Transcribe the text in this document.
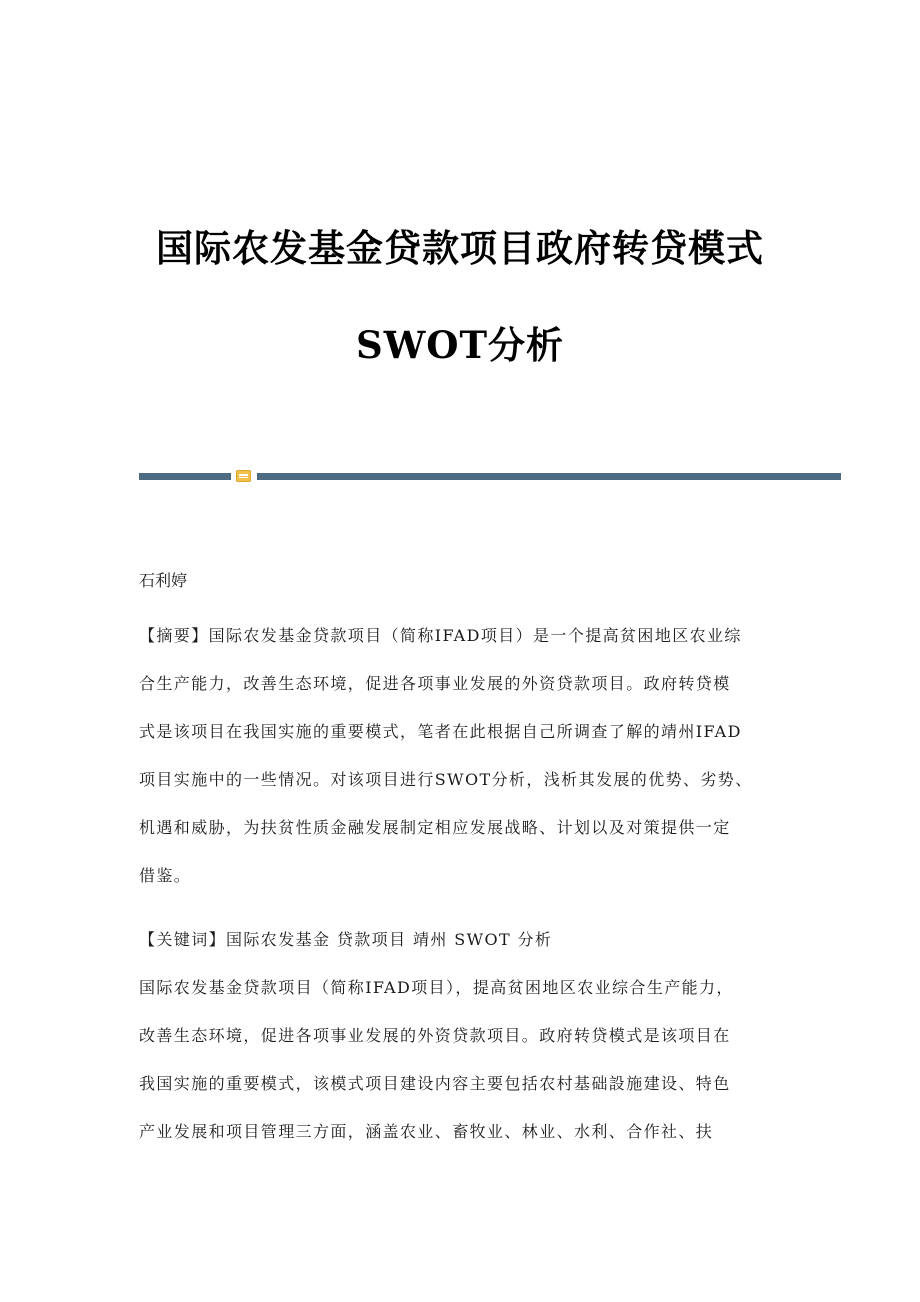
国际农发基金贷款项目政府转贷模式
SWOT分析
石利婷
【摘要】国际农发基金贷款项目（简称IFAD项目）是一个提高贫困地区农业综
合生产能力，改善生态环境，促进各项事业发展的外资贷款项目。政府转贷模
式是该项目在我国实施的重要模式，笔者在此根据自己所调查了解的靖州IFAD
项目实施中的一些情况。对该项目进行SWOT分析，浅析其发展的优势、劣势、
机遇和威胁，为扶贫性质金融发展制定相应发展战略、计划以及对策提供一定
借鉴。
【关键词】国际农发基金 贷款项目 靖州 SWOT 分析
国际农发基金贷款项目（简称IFAD项目），提高贫困地区农业综合生产能力，
改善生态环境，促进各项事业发展的外资贷款项目。政府转贷模式是该项目在
我国实施的重要模式，该模式项目建设内容主要包括农村基础設施建设、特色
产业发展和项目管理三方面，涵盖农业、畜牧业、林业、水利、合作社、扶
